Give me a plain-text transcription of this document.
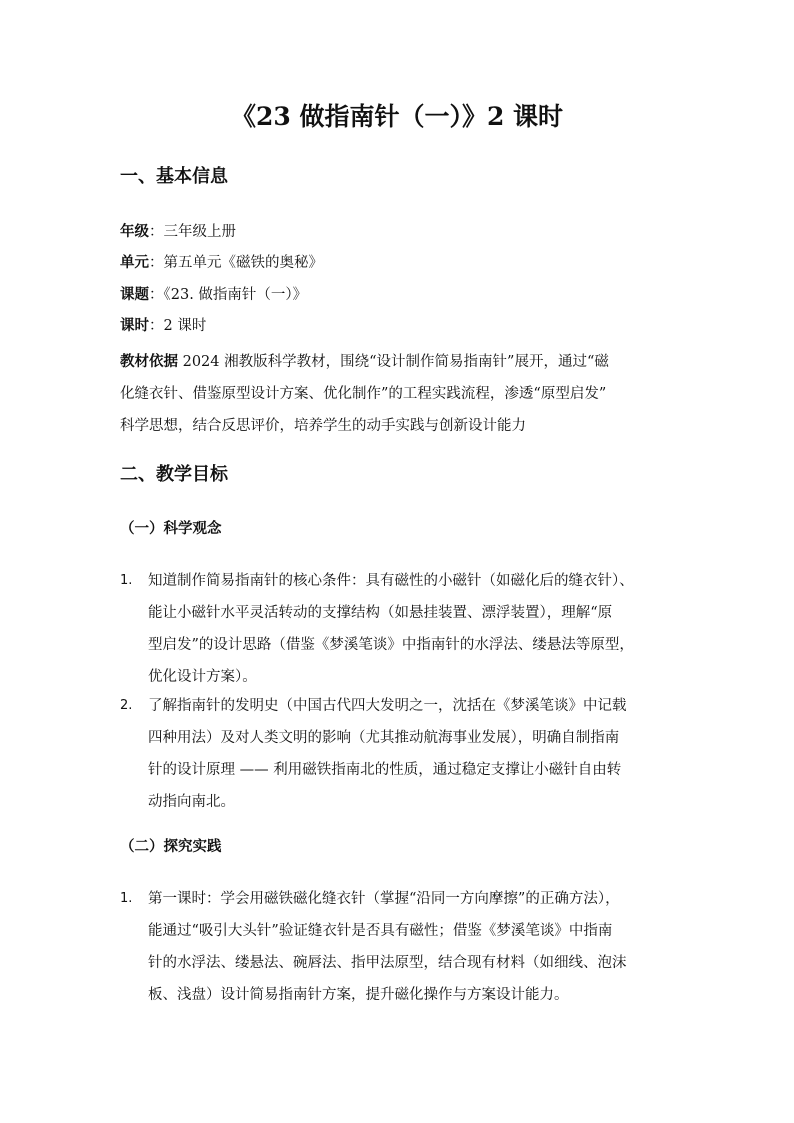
《23 做指南针（一）》2 课时
一、基本信息

年级：三年级上册

单元：第五单元《磁铁的奥秘》

课题：《23. 做指南针（一）》

课时：2 课时

教材依据 2024 湘教版科学教材，围绕“设计制作简易指南针”展开，通过“磁
化缝衣针、借鉴原型设计方案、优化制作”的工程实践流程，渗透“原型启发”
科学思想，结合反思评价，培养学生的动手实践与创新设计能力
二、教学目标
（一）科学观念
1. 知道制作简易指南针的核心条件：具有磁性的小磁针（如磁化后的缝衣针）、
能让小磁针水平灵活转动的支撑结构（如悬挂装置、漂浮装置），理解“原
型启发”的设计思路（借鉴《梦溪笔谈》中指南针的水浮法、缕悬法等原型，
优化设计方案）。
2. 了解指南针的发明史（中国古代四大发明之一，沈括在《梦溪笔谈》中记载
四种用法）及对人类文明的影响（尤其推动航海事业发展），明确自制指南
针的设计原理 —— 利用磁铁指南北的性质，通过稳定支撑让小磁针自由转
动指向南北。
（二）探究实践
1. 第一课时：学会用磁铁磁化缝衣针（掌握“沿同一方向摩擦”的正确方法），
能通过“吸引大头针”验证缝衣针是否具有磁性；借鉴《梦溪笔谈》中指南
针的水浮法、缕悬法、碗唇法、指甲法原型，结合现有材料（如细线、泡沫
板、浅盘）设计简易指南针方案，提升磁化操作与方案设计能力。
